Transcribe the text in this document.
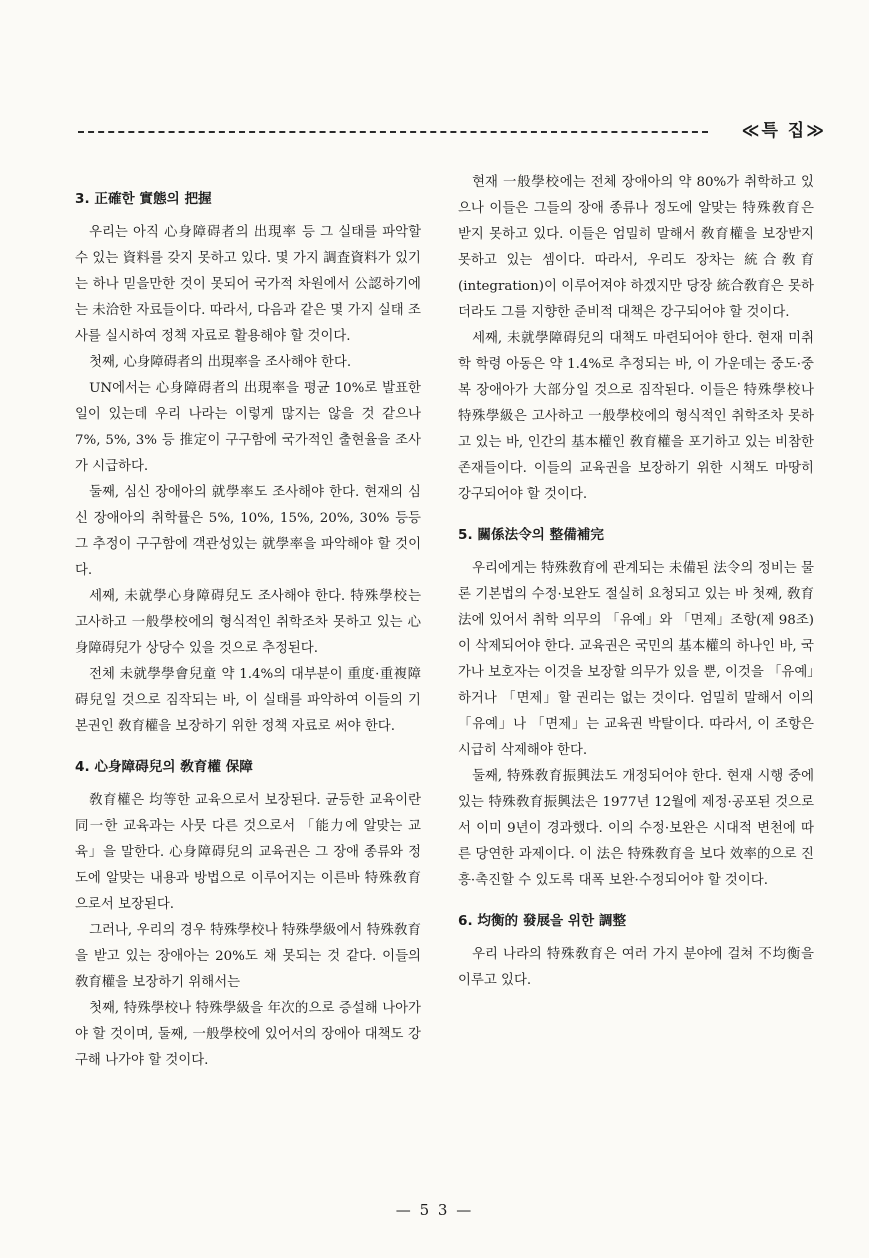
≪특 집≫
3. 正確한 實態의 把握

우리는 아직 心身障碍者의 出現率 등 그 실태를 파악할 수 있는 資料를 갖지 못하고 있다. 몇 가지 調査資料가 있기는 하나 믿을만한 것이 못되어 국가적 차원에서 公認하기에는 未洽한 자료들이다. 따라서, 다음과 같은 몇 가지 실태 조사를 실시하여 정책 자료로 활용해야 할 것이다.

첫째, 心身障碍者의 出現率을 조사해야 한다.

UN에서는 心身障碍者의 出現率을 평균 10%로 발표한 일이 있는데 우리 나라는 이렇게 많지는 않을 것 같으나 7%, 5%, 3% 등 推定이 구구함에 국가적인 출현율을 조사가 시급하다.

둘째, 심신 장애아의 就學率도 조사해야 한다. 현재의 심신 장애아의 취학률은 5%, 10%, 15%, 20%, 30% 등등 그 추정이 구구함에 객관성있는 就學率을 파악해야 할 것이다.

세째, 未就學心身障碍兒도 조사해야 한다. 特殊學校는 고사하고 一般學校에의 형식적인 취학조차 못하고 있는 心身障碍兒가 상당수 있을 것으로 추정된다.

전체 未就學學會兒童 약 1.4%의 대부분이 重度·重複障碍兒일 것으로 짐작되는 바, 이 실태를 파악하여 이들의 기본권인 敎育權을 보장하기 위한 정책 자료로 써야 한다.

4. 心身障碍兒의 敎育權 保障

敎育權은 均等한 교육으로서 보장된다. 균등한 교육이란 同一한 교육과는 사뭇 다른 것으로서 「能力에 알맞는 교육」을 말한다. 心身障碍兒의 교육권은 그 장애 종류와 정도에 알맞는 내용과 방법으로 이루어지는 이른바 特殊敎育으로서 보장된다.

그러나, 우리의 경우 特殊學校나 特殊學級에서 特殊敎育을 받고 있는 장애아는 20%도 채 못되는 것 같다. 이들의 敎育權을 보장하기 위해서는

첫째, 特殊學校나 特殊學級을 年次的으로 증설해 나아가야 할 것이며, 둘째, 一般學校에 있어서의 장애아 대책도 강구해 나가야 할 것이다.

현재 一般學校에는 전체 장애아의 약 80%가 취학하고 있으나 이들은 그들의 장애 종류나 정도에 알맞는 特殊敎育은 받지 못하고 있다. 이들은 엄밀히 말해서 敎育權을 보장받지 못하고 있는 셈이다. 따라서, 우리도 장차는 統合敎育(integration)이 이루어져야 하겠지만 당장 統合敎育은 못하더라도 그를 지향한 준비적 대책은 강구되어야 할 것이다.

세째, 未就學障碍兒의 대책도 마련되어야 한다. 현재 미취학 학령 아동은 약 1.4%로 추정되는 바, 이 가운데는 중도·중복 장애아가 大部分일 것으로 짐작된다. 이들은 特殊學校나 特殊學級은 고사하고 一般學校에의 형식적인 취학조차 못하고 있는 바, 인간의 基本權인 敎育權을 포기하고 있는 비참한 존재들이다. 이들의 교육권을 보장하기 위한 시책도 마땅히 강구되어야 할 것이다.

5. 關係法令의 整備補完

우리에게는 特殊敎育에 관계되는 未備된 法令의 정비는 물론 기본법의 수정·보완도 절실히 요청되고 있는 바 첫째, 敎育法에 있어서 취학 의무의 「유예」와 「면제」조항(제 98조)이 삭제되어야 한다. 교육권은 국민의 基本權의 하나인 바, 국가나 보호자는 이것을 보장할 의무가 있을 뿐, 이것을 「유예」하거나 「면제」할 권리는 없는 것이다. 엄밀히 말해서 이의 「유예」나 「면제」는 교육권 박탈이다. 따라서, 이 조항은 시급히 삭제해야 한다.

둘째, 特殊敎育振興法도 개정되어야 한다. 현재 시행 중에 있는 特殊敎育振興法은 1977년 12월에 제정·공포된 것으로서 이미 9년이 경과했다. 이의 수정·보완은 시대적 변천에 따른 당연한 과제이다. 이 法은 特殊敎育을 보다 效率的으로 진흥·촉진할 수 있도록 대폭 보완·수정되어야 할 것이다.

6. 均衡的 發展을 위한 調整

우리 나라의 特殊敎育은 여러 가지 분야에 걸쳐 不均衡을 이루고 있다.

— 5 3 —
